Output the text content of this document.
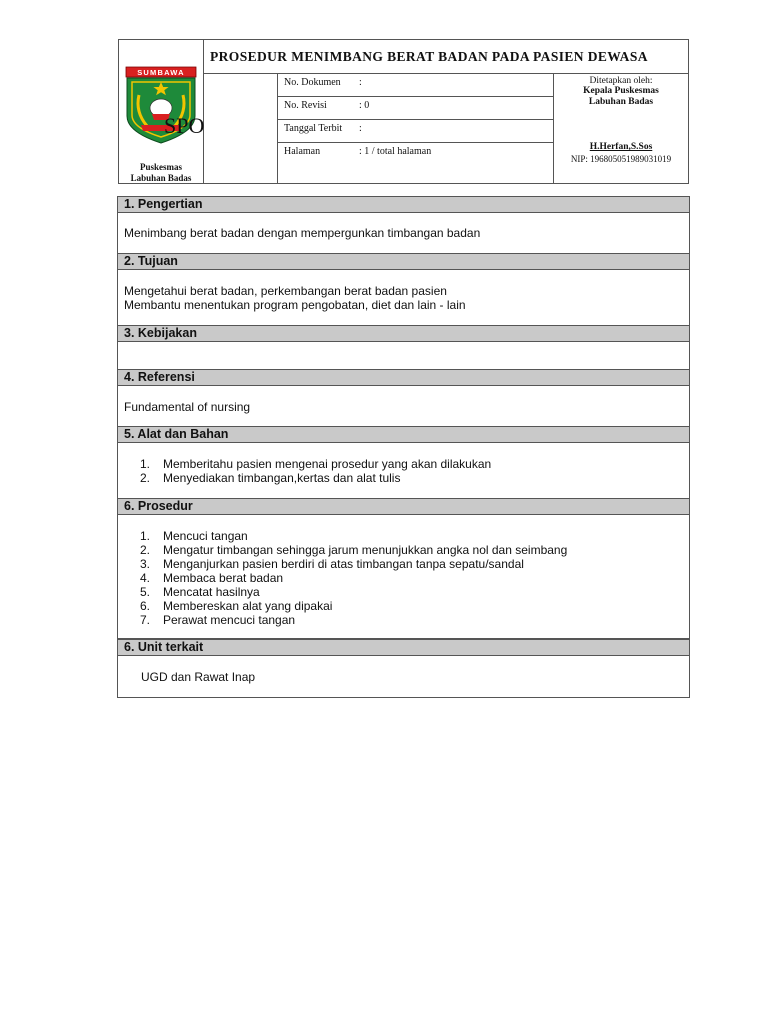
SUMBAWA
Puskesmas
Labuhan Badas
PROSEDUR MENIMBANG BERAT BADAN PADA PASIEN DEWASA
No. Dokumen :
No. Revisi	: 0
Tanggal Terbit :
Halaman	: 1 / total halaman
Ditetapkan oleh:
Kepala Puskesmas
Labuhan Badas
H.Herfan,S.Sos
NIP: 196805051989031019
SPO
1. Pengertian
Menimbang berat badan dengan mempergunkan timbangan badan
2. Tujuan
Mengetahui berat badan, perkembangan berat badan pasien
Membantu menentukan program pengobatan, diet dan lain - lain
3. Kebijakan
4. Referensi
Fundamental of nursing
5. Alat dan Bahan
1. Memberitahu pasien mengenai prosedur yang akan dilakukan
2. Menyediakan timbangan,kertas dan alat tulis
6. Prosedur
1. Mencuci tangan
2. Mengatur timbangan sehingga jarum menunjukkan angka nol dan seimbang
3. Menganjurkan pasien berdiri di atas timbangan tanpa sepatu/sandal
4. Membaca berat badan
5. Mencatat hasilnya
6. Membereskan alat yang dipakai
7. Perawat mencuci tangan
6. Unit terkait
UGD dan Rawat Inap
